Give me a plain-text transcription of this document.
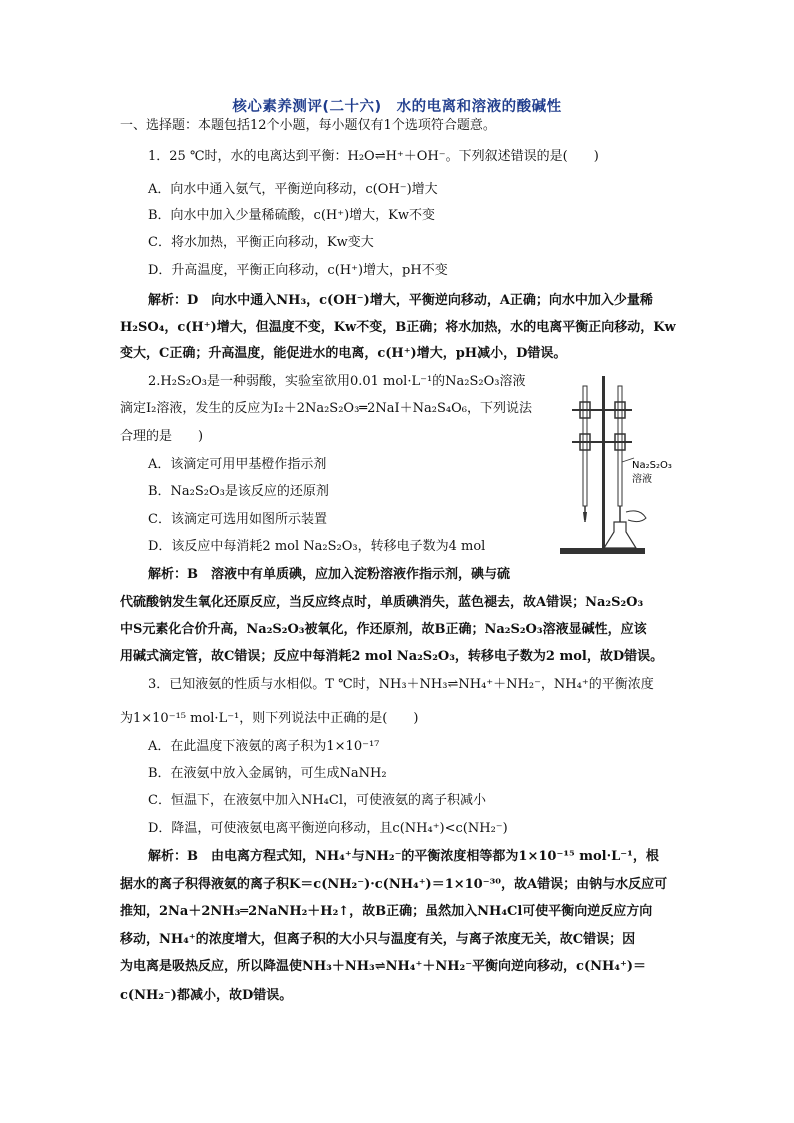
核心素养测评(二十六)　水的电离和溶液的酸碱性
一、选择题：本题包括12个小题，每小题仅有1个选项符合题意。
1．25 ℃时，水的电离达到平衡：H₂O⇌H⁺＋OH⁻。下列叙述错误的是(　　)
A．向水中通入氨气，平衡逆向移动，c(OH⁻)增大
B．向水中加入少量稀硫酸，c(H⁺)增大，Kw不变
C．将水加热，平衡正向移动，Kw变大
D．升高温度，平衡正向移动，c(H⁺)增大，pH不变
解析：D　向水中通入NH₃，c(OH⁻)增大，平衡逆向移动，A正确；向水中加入少量稀
H₂SO₄，c(H⁺)增大，但温度不变，Kw不变，B正确；将水加热，水的电离平衡正向移动，Kw
变大，C正确；升高温度，能促进水的电离，c(H⁺)增大，pH减小，D错误。
2.H₂S₂O₃是一种弱酸，实验室欲用0.01 mol·L⁻¹的Na₂S₂O₃溶液
滴定I₂溶液，发生的反应为I₂＋2Na₂S₂O₃═2NaI＋Na₂S₄O₆，下列说法
合理的是　　)
A．该滴定可用甲基橙作指示剂
B．Na₂S₂O₃是该反应的还原剂
C．该滴定可选用如图所示装置
D．该反应中每消耗2 mol Na₂S₂O₃，转移电子数为4 mol
解析：B　溶液中有单质碘，应加入淀粉溶液作指示剂，碘与硫
代硫酸钠发生氧化还原反应，当反应终点时，单质碘消失，蓝色褪去，故A错误；Na₂S₂O₃
中S元素化合价升高，Na₂S₂O₃被氧化，作还原剂，故B正确；Na₂S₂O₃溶液显碱性，应该
用碱式滴定管，故C错误；反应中每消耗2 mol Na₂S₂O₃，转移电子数为2 mol，故D错误。
Na₂S₂O₃
溶液
3．已知液氨的性质与水相似。T ℃时，NH₃＋NH₃⇌NH₄⁺＋NH₂⁻，NH₄⁺的平衡浓度
为1×10⁻¹⁵ mol·L⁻¹，则下列说法中正确的是(　　)
A．在此温度下液氨的离子积为1×10⁻¹⁷
B．在液氨中放入金属钠，可生成NaNH₂
C．恒温下，在液氨中加入NH₄Cl，可使液氨的离子积减小
D．降温，可使液氨电离平衡逆向移动，且c(NH₄⁺)<c(NH₂⁻)
解析：B　由电离方程式知，NH₄⁺与NH₂⁻的平衡浓度相等都为1×10⁻¹⁵ mol·L⁻¹，根
据水的离子积得液氨的离子积K＝c(NH₂⁻)·c(NH₄⁺)＝1×10⁻³⁰，故A错误；由钠与水反应可
推知，2Na＋2NH₃═2NaNH₂＋H₂↑，故B正确；虽然加入NH₄Cl可使平衡向逆反应方向
移动，NH₄⁺的浓度增大，但离子积的大小只与温度有关，与离子浓度无关，故C错误；因
为电离是吸热反应，所以降温使NH₃＋NH₃⇌NH₄⁺＋NH₂⁻平衡向逆向移动，c(NH₄⁺)＝
c(NH₂⁻)都减小，故D错误。
